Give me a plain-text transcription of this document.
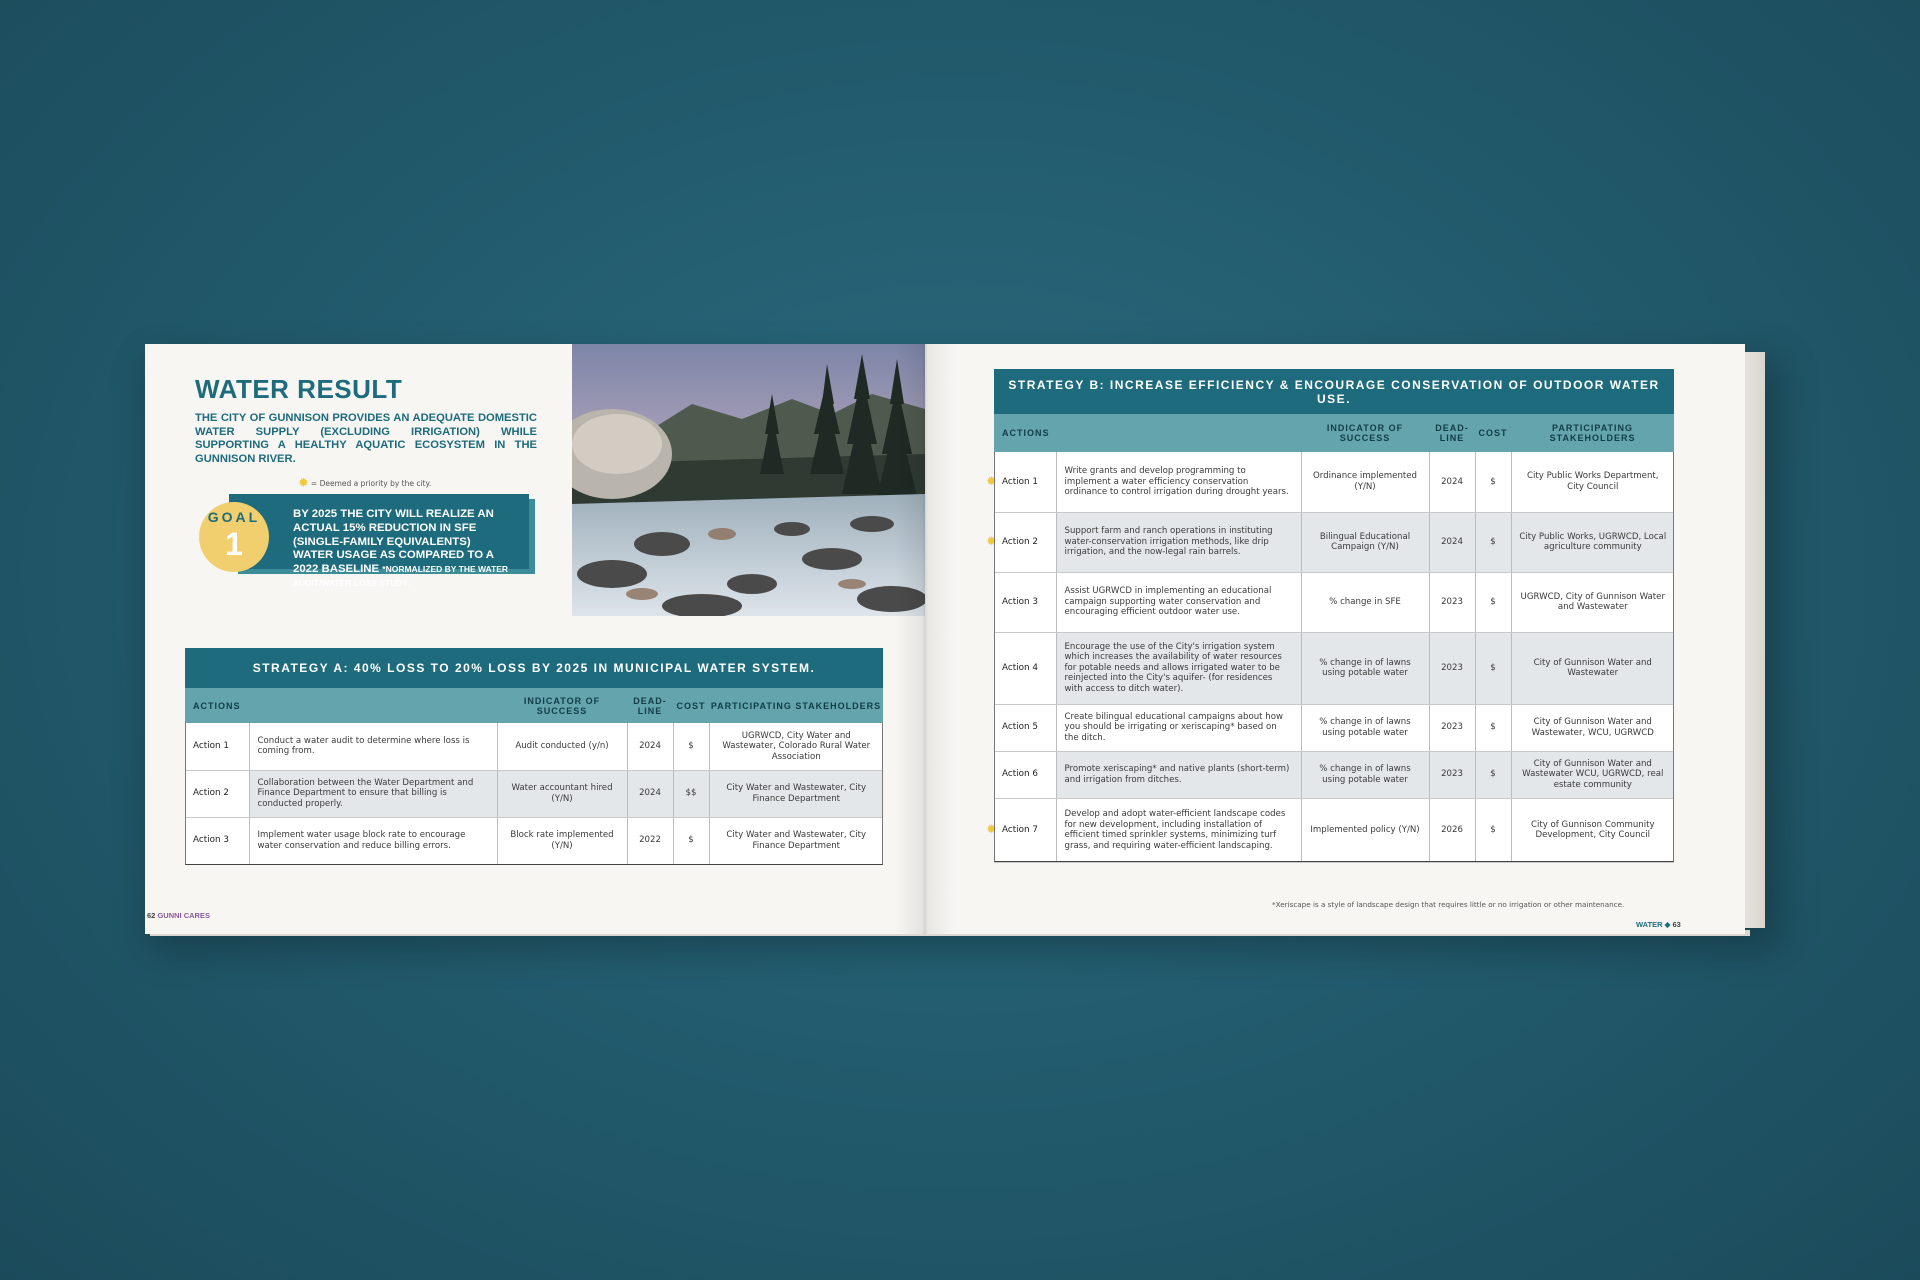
WATER RESULT
THE CITY OF GUNNISON PROVIDES AN ADEQUATE DOMESTIC WATER SUPPLY (EXCLUDING IRRIGATION) WHILE SUPPORTING A HEALTHY AQUATIC ECOSYSTEM IN THE GUNNISON RIVER.
✹ = Deemed a priority by the city.
GOAL
1
BY 2025 THE CITY WILL REALIZE AN ACTUAL 15% REDUCTION IN SFE (SINGLE-FAMILY EQUIVALENTS) WATER USAGE AS COMPARED TO A 2022 BASELINE *NORMALIZED BY THE WATER AUDIT/WATER LOSS STUDY.
STRATEGY A: 40% LOSS TO 20% LOSS BY 2025 IN MUNICIPAL WATER SYSTEM.					
ACTIONS		INDICATOR OF SUCCESS	DEAD-LINE	COST	PARTICIPATING STAKEHOLDERS
Action 1	Conduct a water audit to determine where loss is coming from.	Audit conducted (y/n)	2024	$	UGRWCD, City Water and Wastewater, Colorado Rural Water Association
Action 2	Collaboration between the Water Department and Finance Department to ensure that billing is conducted properly.	Water accountant hired (Y/N)	2024	$$	City Water and Wastewater, City Finance Department
Action 3	Implement water usage block rate to encourage water conservation and reduce billing errors.	Block rate implemented (Y/N)	2022	$	City Water and Wastewater, City Finance Department
62 GUNNI CARES
STRATEGY B: INCREASE EFFICIENCY & ENCOURAGE CONSERVATION OF OUTDOOR WATER USE.					
ACTIONS		INDICATOR OF SUCCESS	DEAD-LINE	COST	PARTICIPATING STAKEHOLDERS

✹ Action 1	Write grants and develop programming to implement a water efficiency conservation ordinance to control irrigation during drought years.	Ordinance implemented (Y/N)	2024	$	City Public Works Department, City Council

✹ Action 2	Support farm and ranch operations in instituting water-conservation irrigation methods, like drip irrigation, and the now-legal rain barrels.	Bilingual Educational Campaign (Y/N)	2024	$	City Public Works, UGRWCD, Local agriculture community
Action 3	Assist UGRWCD in implementing an educational campaign supporting water conservation and encouraging efficient outdoor water use.	% change in SFE	2023	$	UGRWCD, City of Gunnison Water and Wastewater
Action 4	Encourage the use of the City's irrigation system which increases the availability of water resources for potable needs and allows irrigated water to be reinjected into the City's aquifer- (for residences with access to ditch water).	% change in of lawns using potable water	2023	$	City of Gunnison Water and Wastewater
Action 5	Create bilingual educational campaigns about how you should be irrigating or xeriscaping* based on the ditch.	% change in of lawns using potable water	2023	$	City of Gunnison Water and Wastewater, WCU, UGRWCD
Action 6	Promote xeriscaping* and native plants (short-term) and irrigation from ditches.	% change in of lawns using potable water	2023	$	City of Gunnison Water and Wastewater WCU, UGRWCD, real estate community

✹ Action 7	Develop and adopt water-efficient landscape codes for new development, including installation of efficient timed sprinkler systems, minimizing turf grass, and requiring water-efficient landscaping.	Implemented policy (Y/N)	2026	$	City of Gunnison Community Development, City Council
*Xeriscape is a style of landscape design that requires little or no irrigation or other maintenance.
WATER ◆ 63
